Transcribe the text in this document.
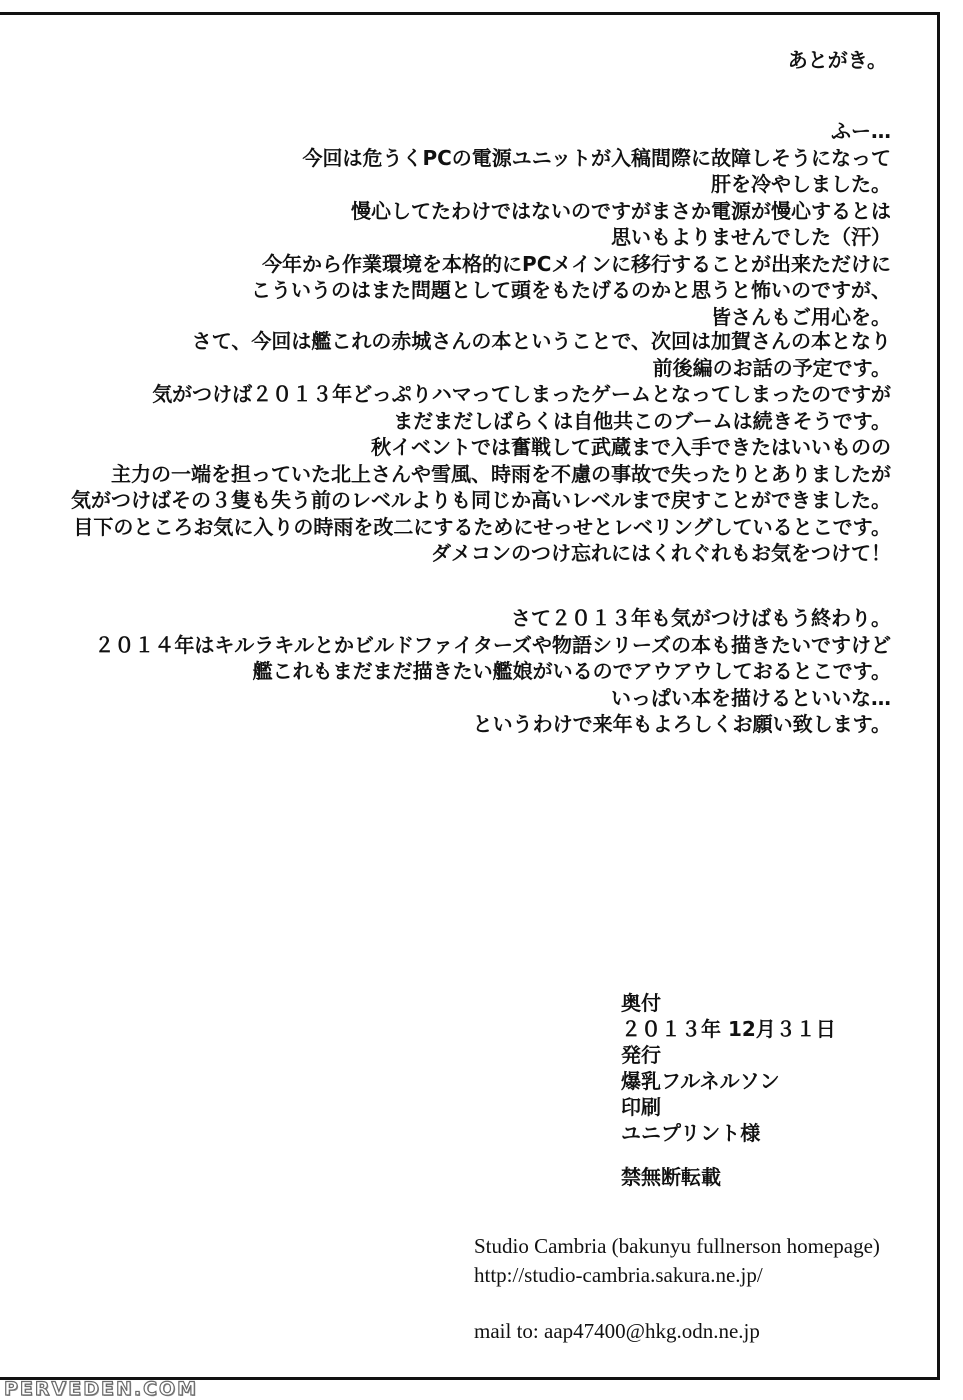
あとがき。
ふー…
今回は危うくPCの電源ユニットが入稿間際に故障しそうになって
肝を冷やしました。
慢心してたわけではないのですがまさか電源が慢心するとは
思いもよりませんでした（汗）
今年から作業環境を本格的にPCメインに移行することが出来ただけに
こういうのはまた問題として頭をもたげるのかと思うと怖いのですが、
皆さんもご用心を。
さて、今回は艦これの赤城さんの本ということで、次回は加賀さんの本となり
前後編のお話の予定です。
気がつけば２０１３年どっぷりハマってしまったゲームとなってしまったのですが
まだまだしばらくは自他共このブームは続きそうです。
秋イベントでは奮戦して武蔵まで入手できたはいいものの
主力の一端を担っていた北上さんや雪風、時雨を不慮の事故で失ったりとありましたが
気がつけばその３隻も失う前のレベルよりも同じか高いレベルまで戻すことができました。
目下のところお気に入りの時雨を改二にするためにせっせとレベリングしているとこです。
ダメコンのつけ忘れにはくれぐれもお気をつけて！
さて２０１３年も気がつけばもう終わり。
２０１４年はキルラキルとかビルドファイターズや物語シリーズの本も描きたいですけど
艦これもまだまだ描きたい艦娘がいるのでアウアウしておるとこです。
いっぱい本を描けるといいな…
というわけで来年もよろしくお願い致します。
奥付
２０１３年 12月３１日
発行
爆乳フルネルソン
印刷
ユニプリント様
禁無断転載
Studio Cambria (bakunyu fullnerson homepage)
http://studio-cambria.sakura.ne.jp/
mail to: aap47400@hkg.odn.ne.jp
PERVEDEN.COM
